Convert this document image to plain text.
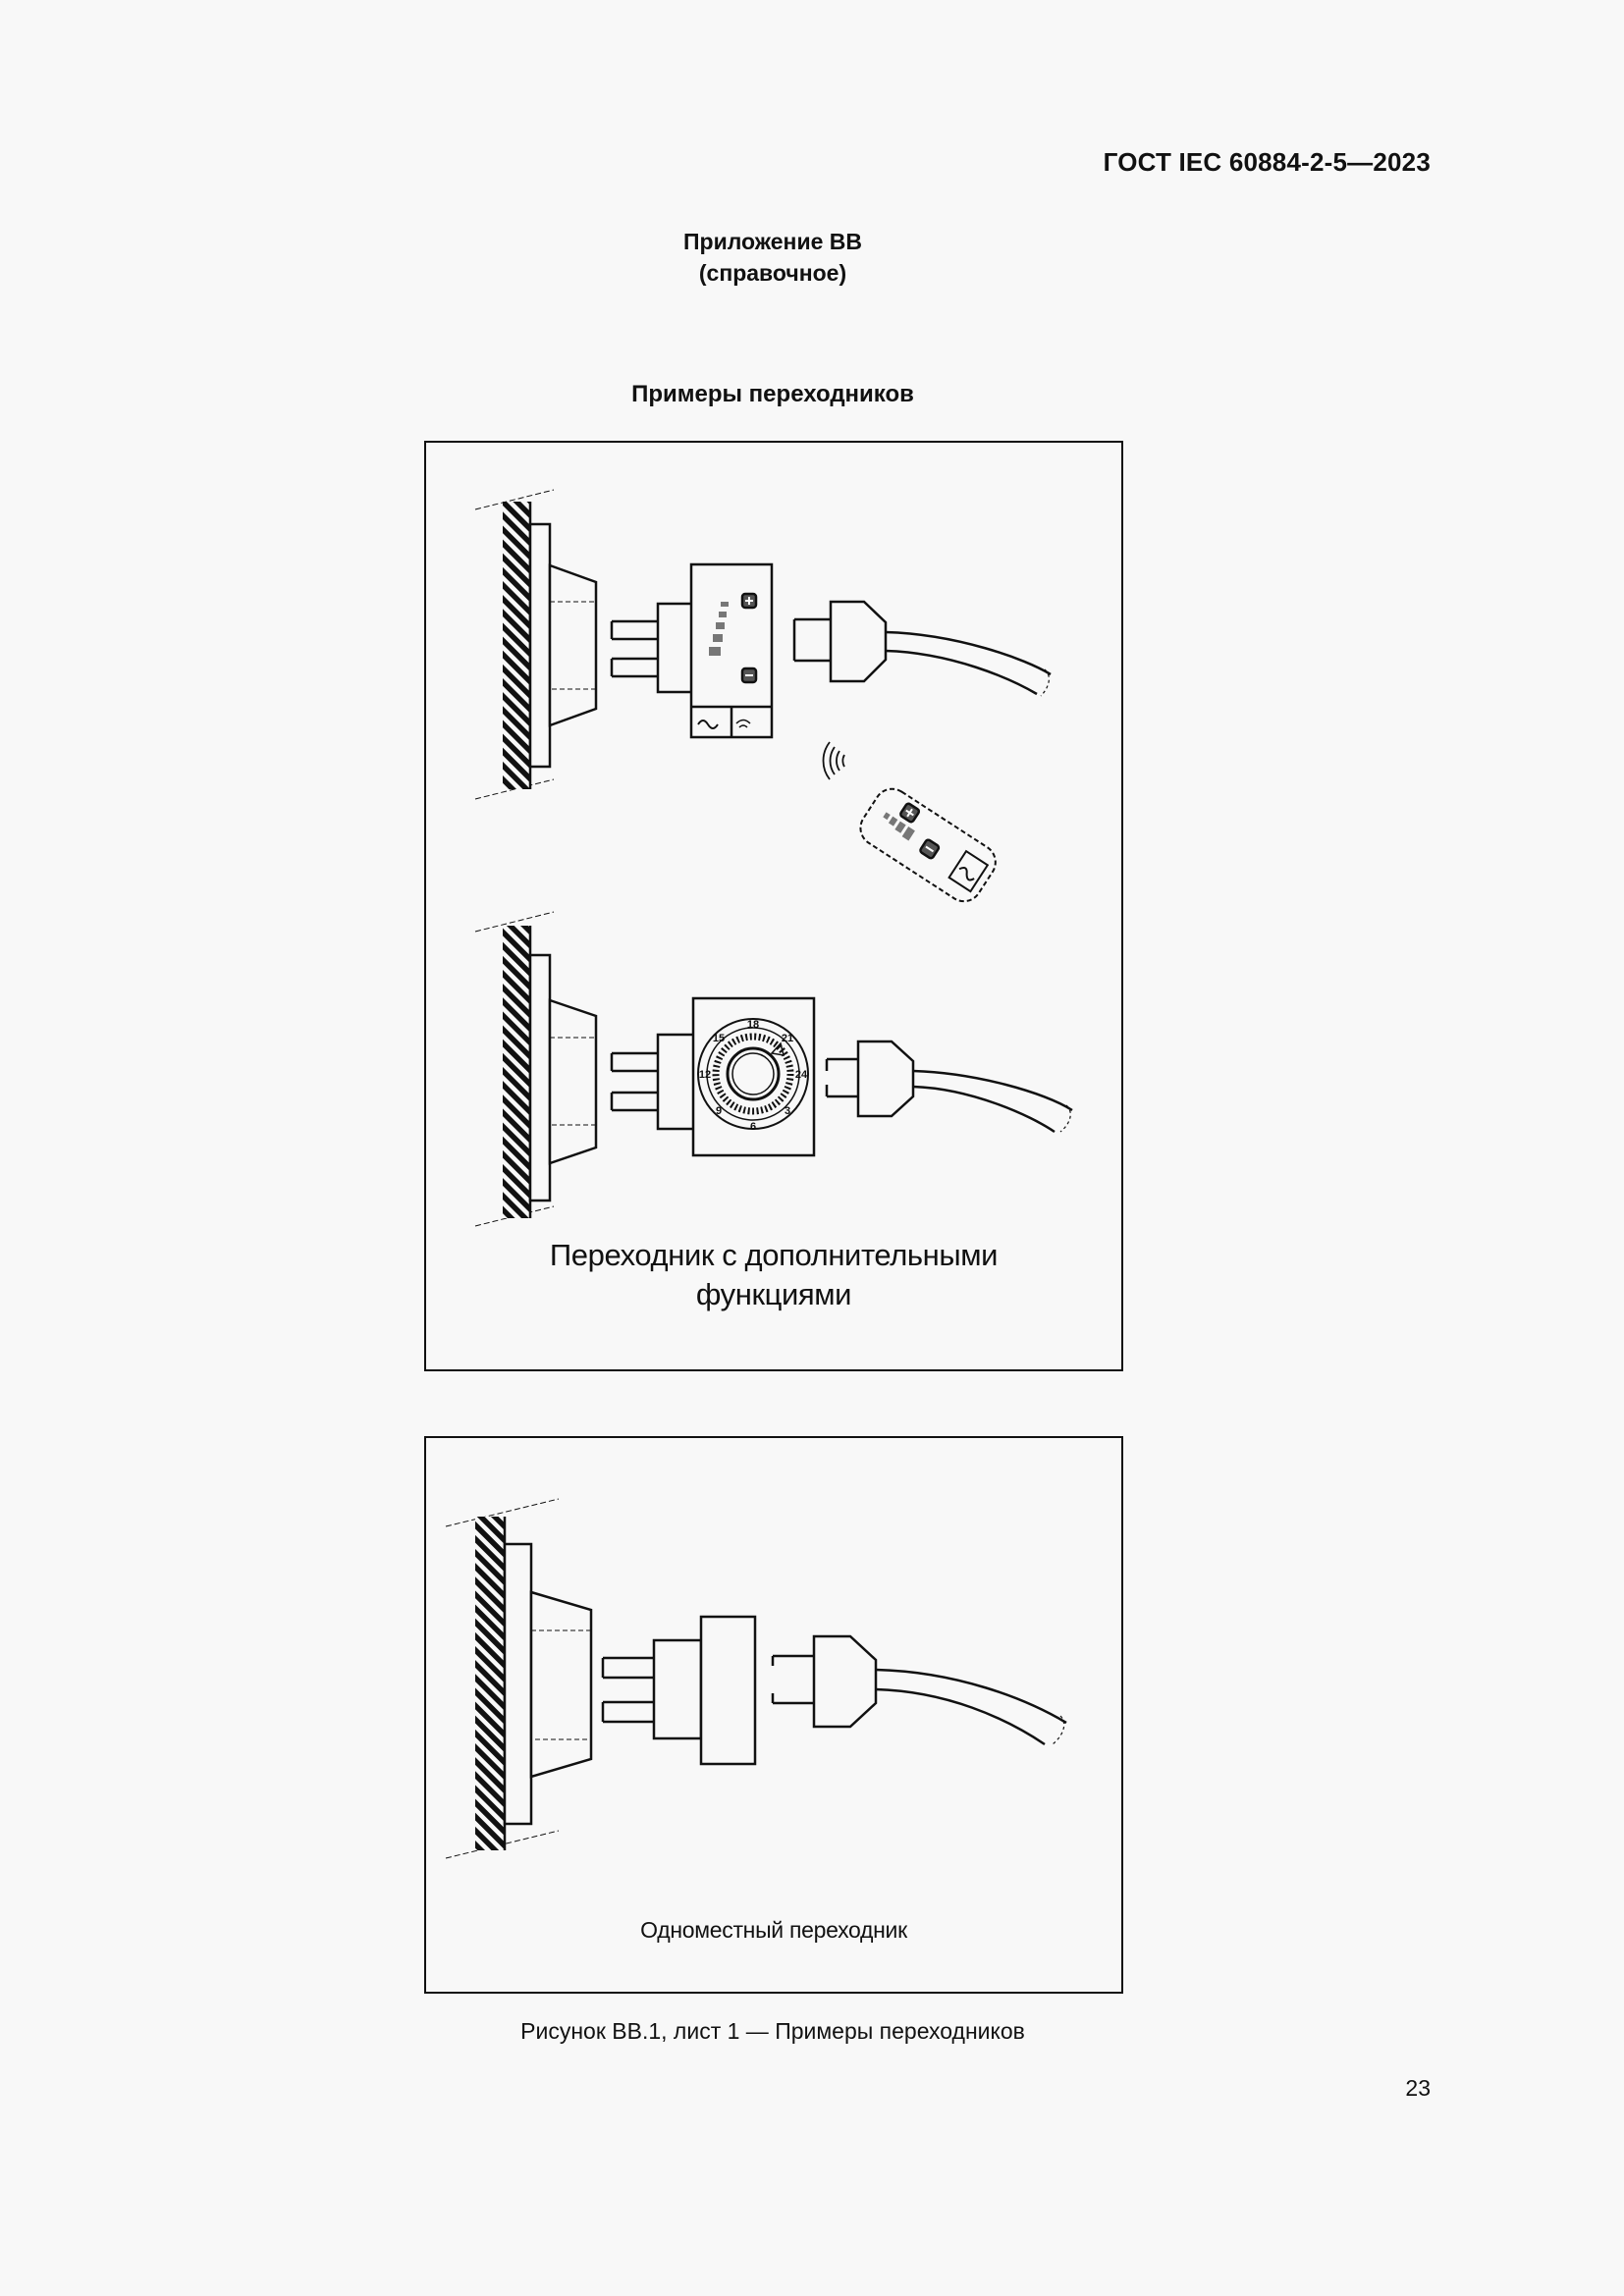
ГОСТ IEC 60884-2-5—2023
Приложение ВВ
(справочное)
Примеры переходников
18
21
24
3
6
9
12
15
Переходник с дополнительными
функциями
Одноместный переходник
Рисунок ВВ.1, лист 1 — Примеры переходников
23
